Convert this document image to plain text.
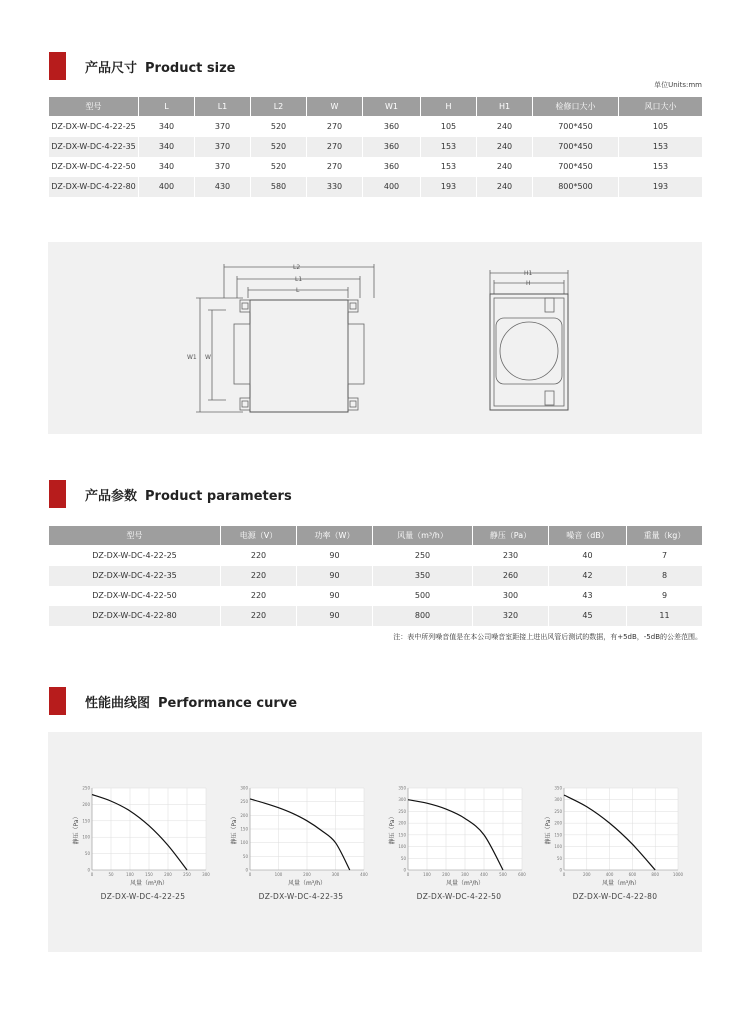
产品尺寸 Product size
单位Units:mm
型号	L	L1	L2	W	W1	H	H1	检修口大小	风口大小
DZ-DX-W-DC-4-22-25	340	370	520	270	360	105	240	700*450	105
DZ-DX-W-DC-4-22-35	340	370	520	270	360	153	240	700*450	153
DZ-DX-W-DC-4-22-50	340	370	520	270	360	153	240	700*450	153
DZ-DX-W-DC-4-22-80	400	430	580	330	400	193	240	800*500	193
L2
L1
L
W1 W
H1
H
产品参数 Product parameters
型号	电源（V）	功率（W）	风量（m³/h）	静压（Pa）	噪音（dB）	重量（kg）
DZ-DX-W-DC-4-22-25	220	90	250	230	40	7
DZ-DX-W-DC-4-22-35	220	90	350	260	42	8
DZ-DX-W-DC-4-22-50	220	90	500	300	43	9
DZ-DX-W-DC-4-22-80	220	90	800	320	45	11
注：表中所列噪音值是在本公司噪音室距接上进出风管后测试的数据，有+5dB，-5dB的公差范围。
性能曲线图 Performance curve
0
50
100
150
200
250
0	50	100	150	200	250	300
风量（m³/h）
静压（Pa）
DZ-DX-W-DC-4-22-25
0
50
100
150
200
250
300
0	100	200	300	400
风量（m³/h）
静压（Pa）
DZ-DX-W-DC-4-22-35
0
50
100
150
200
250
300
350
0	100	200	300	400	500	600
风量（m³/h）
静压（Pa）
DZ-DX-W-DC-4-22-50
0
50
100
150
200
250
300
350
0	200	400	600	800	1000
风量（m³/h）
静压（Pa）
DZ-DX-W-DC-4-22-80
